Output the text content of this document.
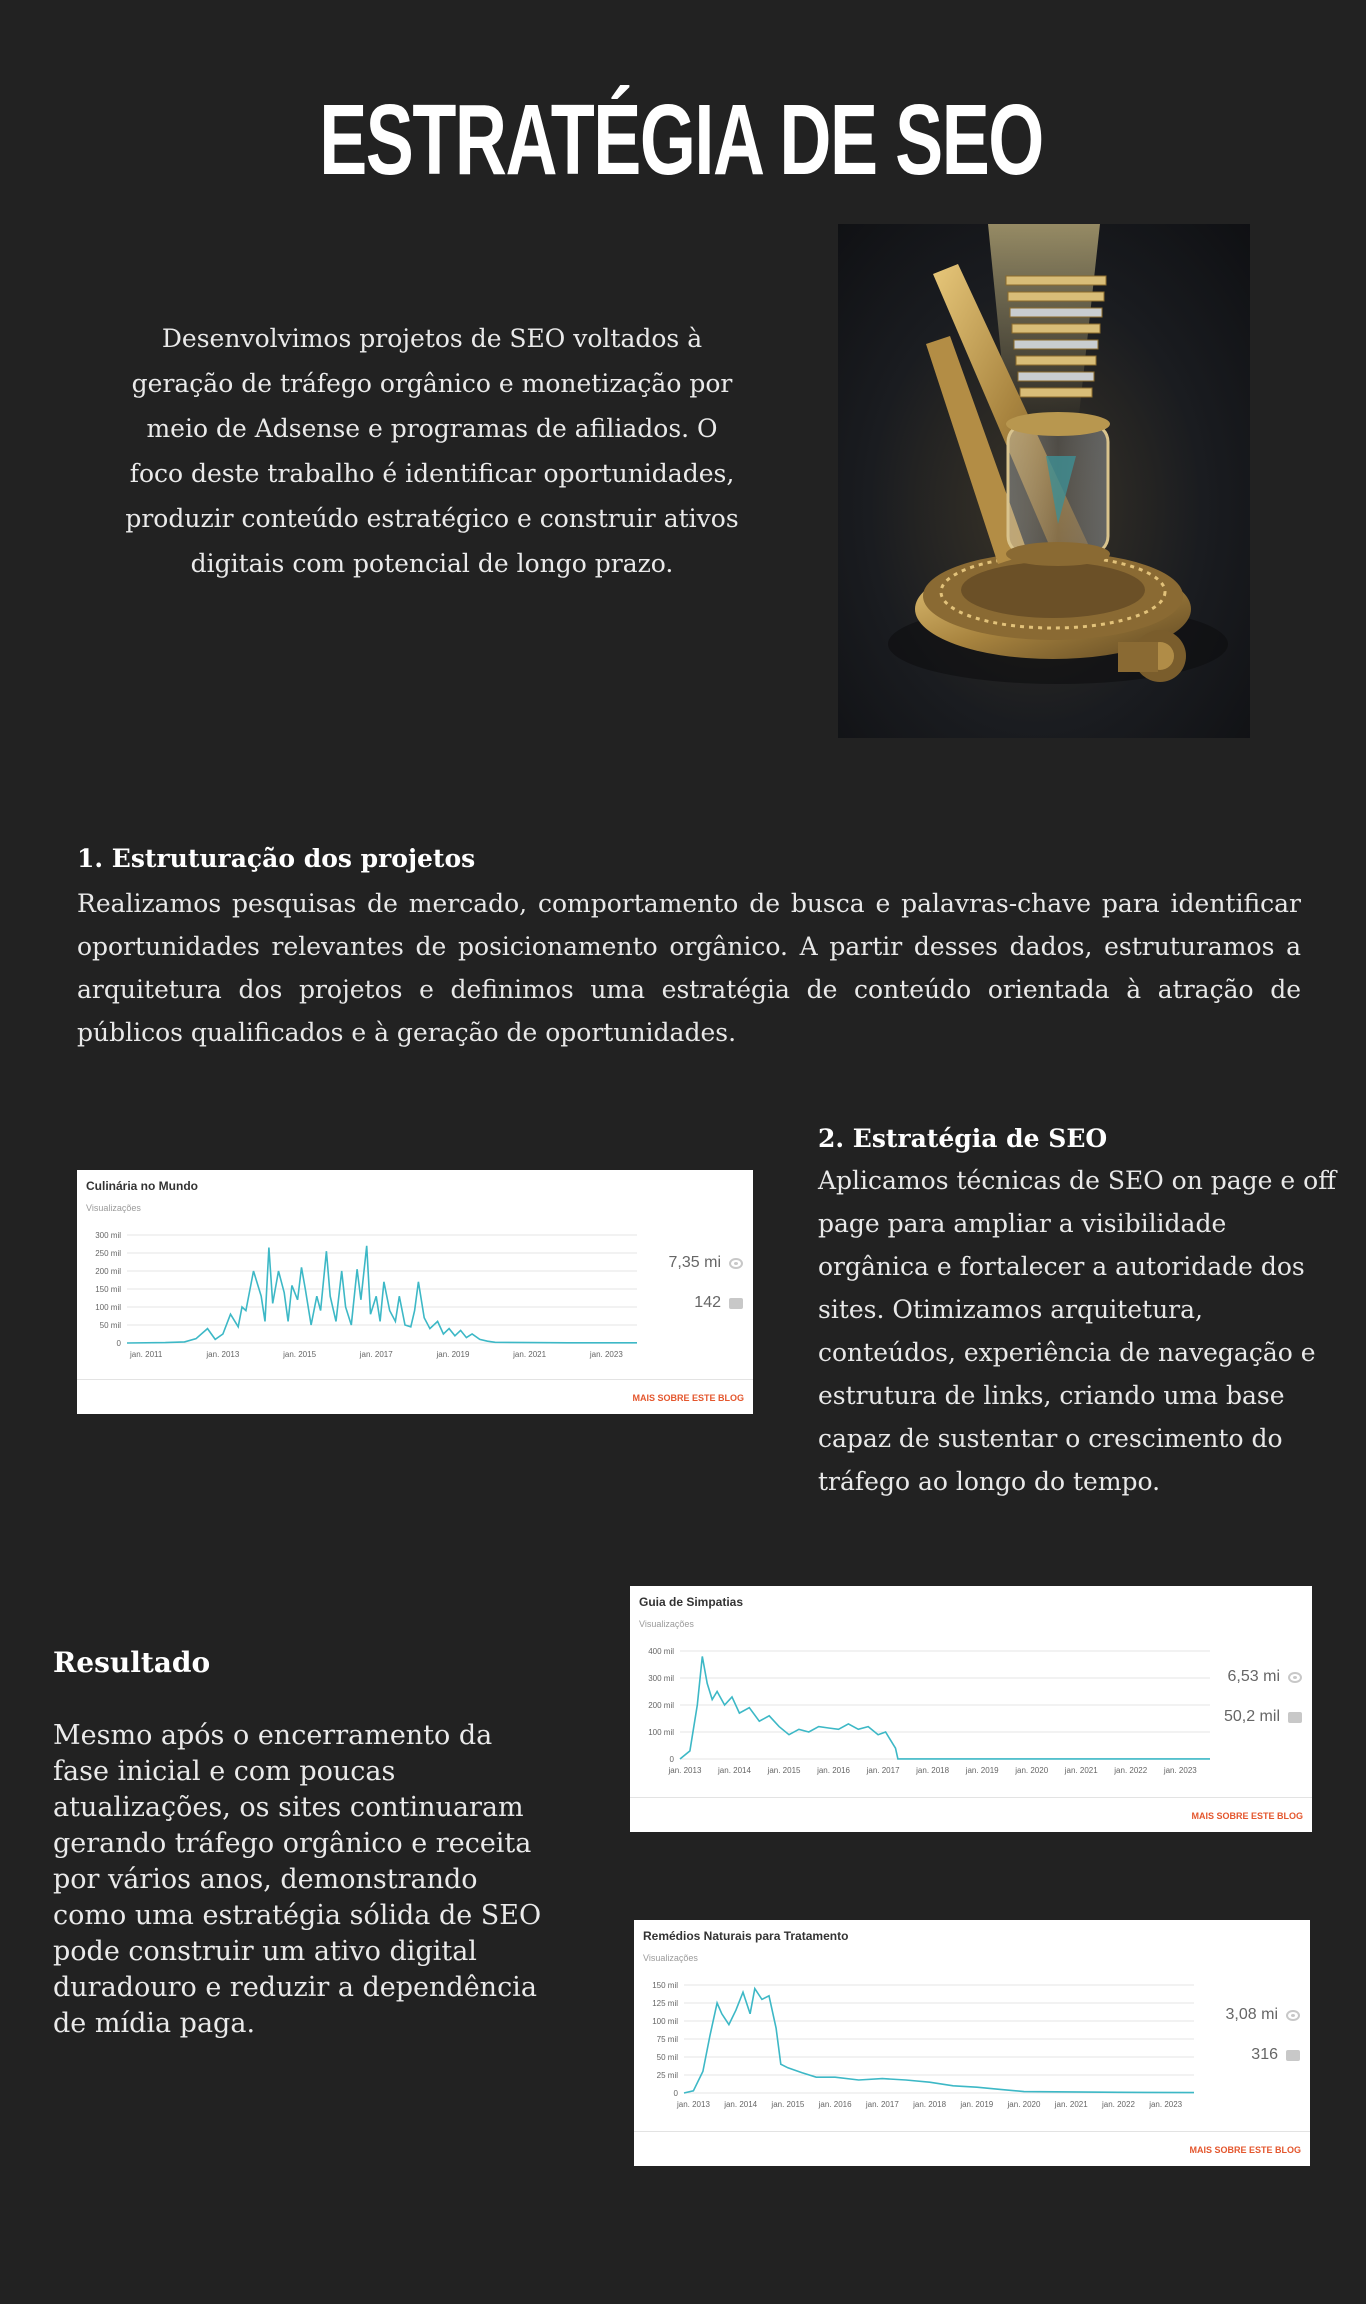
ESTRATÉGIA DE SEO
Desenvolvimos projetos de SEO voltados à geração de tráfego orgânico e monetização por meio de Adsense e programas de afiliados. O foco deste trabalho é identificar oportunidades, produzir conteúdo estratégico e construir ativos digitais com potencial de longo prazo.
1. Estruturação dos projetos
Realizamos pesquisas de mercado, comportamento de busca e palavras-chave para identificar oportunidades relevantes de posicionamento orgânico. A partir desses dados, estruturamos a arquitetura dos projetos e definimos uma estratégia de conteúdo orientada à atração de públicos qualificados e à geração de oportunidades.
Culinária no Mundo
Visualizações
0
50 mil
100 mil
150 mil
200 mil
250 mil
300 mil
jan. 2011	jan. 2013	jan. 2015	jan. 2017	jan. 2019	jan. 2021	jan. 2023
7,35 mi
142
MAIS SOBRE ESTE BLOG
2. Estratégia de SEO
Aplicamos técnicas de SEO on page e off page para ampliar a visibilidade orgânica e fortalecer a autoridade dos sites. Otimizamos arquitetura, conteúdos, experiência de navegação e estrutura de links, criando uma base capaz de sustentar o crescimento do tráfego ao longo do tempo.
Resultado
Mesmo após o encerramento da fase inicial e com poucas atualizações, os sites continuaram gerando tráfego orgânico e receita por vários anos, demonstrando como uma estratégia sólida de SEO pode construir um ativo digital duradouro e reduzir a dependência de mídia paga.
Guia de Simpatias
Visualizações
0
100 mil
200 mil
300 mil
400 mil
jan. 2013 jan. 2014 jan. 2015 jan. 2016 jan. 2017 jan. 2018 jan. 2019 jan. 2020 jan. 2021 jan. 2022 jan. 2023
6,53 mi
50,2 mil
MAIS SOBRE ESTE BLOG
Remédios Naturais para Tratamento
Visualizações
0
25 mil
50 mil
75 mil
100 mil
125 mil
150 mil
jan. 2013 jan. 2014 jan. 2015 jan. 2016 jan. 2017 jan. 2018 jan. 2019 jan. 2020 jan. 2021 jan. 2022 jan. 2023
3,08 mi
316
MAIS SOBRE ESTE BLOG
